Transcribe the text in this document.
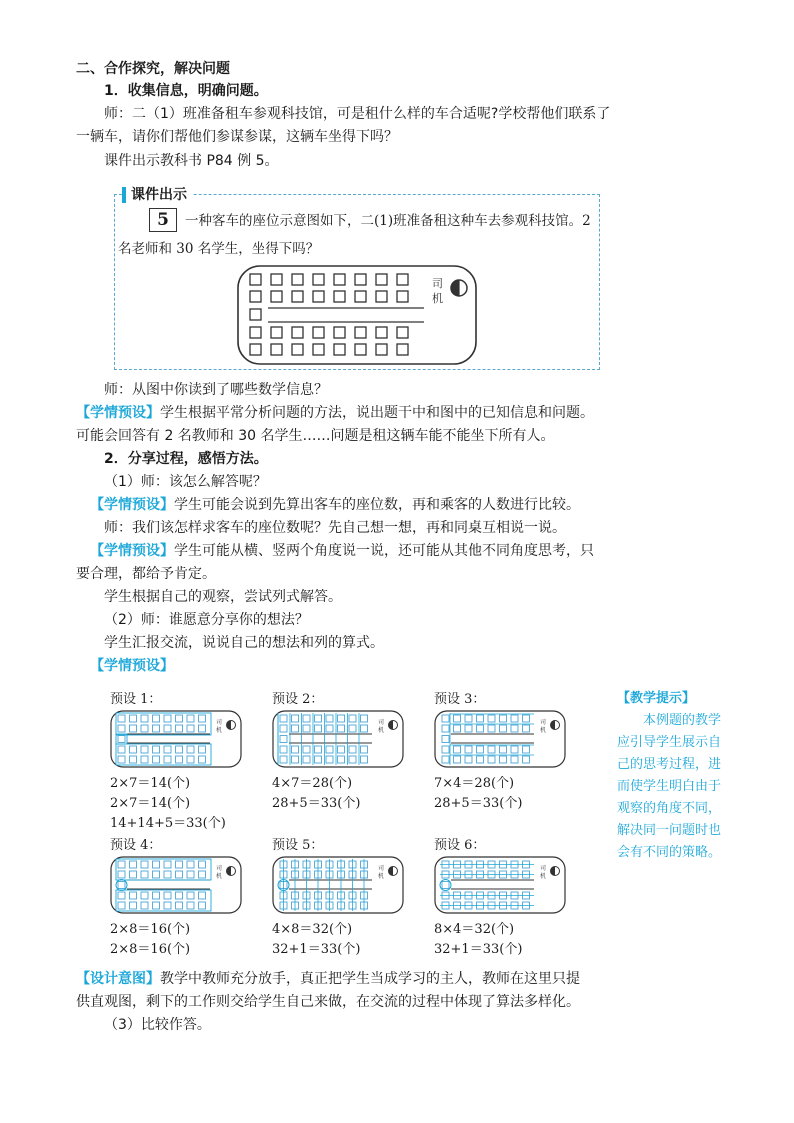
二、合作探究，解决问题
1．收集信息，明确问题。
师：二（1）班准备租车参观科技馆，可是租什么样的车合适呢?学校帮他们联系了
一辆车，请你们帮他们参谋参谋，这辆车坐得下吗？
课件出示教科书 P84 例 5。
课件出示
5	一种客车的座位示意图如下，二(1)班准备租这种车去参观科技馆。2
名老师和 30 名学生，坐得下吗？
司
机
师：从图中你读到了哪些数学信息？
【学情预设】学生根据平常分析问题的方法，说出题干中和图中的已知信息和问题。
可能会回答有 2 名教师和 30 名学生……问题是租这辆车能不能坐下所有人。
2．分享过程，感悟方法。
（1）师：该怎么解答呢？
【学情预设】学生可能会说到先算出客车的座位数，再和乘客的人数进行比较。
师：我们该怎样求客车的座位数呢？先自己想一想，再和同桌互相说一说。
【学情预设】学生可能从横、竖两个角度说一说，还可能从其他不同角度思考，只
要合理，都给予肯定。
学生根据自己的观察，尝试列式解答。
（2）师：谁愿意分享你的想法？
学生汇报交流，说说自己的想法和列的算式。
【学情预设】
预设 1：
司
机
2×7＝14(个)
2×7＝14(个)
14+14+5＝33(个)
预设 2：
司
机
4×7＝28(个)
28+5＝33(个)
预设 3：
司
机
7×4＝28(个)
28+5＝33(个)
预设 4：
司
机
2×8＝16(个)
2×8＝16(个)
预设 5：
司
机
4×8＝32(个)
32+1＝33(个)
预设 6：
司
机
8×4＝32(个)
32+1＝33(个)
【教学提示】
本例题的教学
应引导学生展示自
己的思考过程，进
而使学生明白由于
观察的角度不同，
解决同一问题时也
会有不同的策略。
【设计意图】教学中教师充分放手，真正把学生当成学习的主人，教师在这里只提
供直观图，剩下的工作则交给学生自己来做，在交流的过程中体现了算法多样化。
（3）比较作答。
